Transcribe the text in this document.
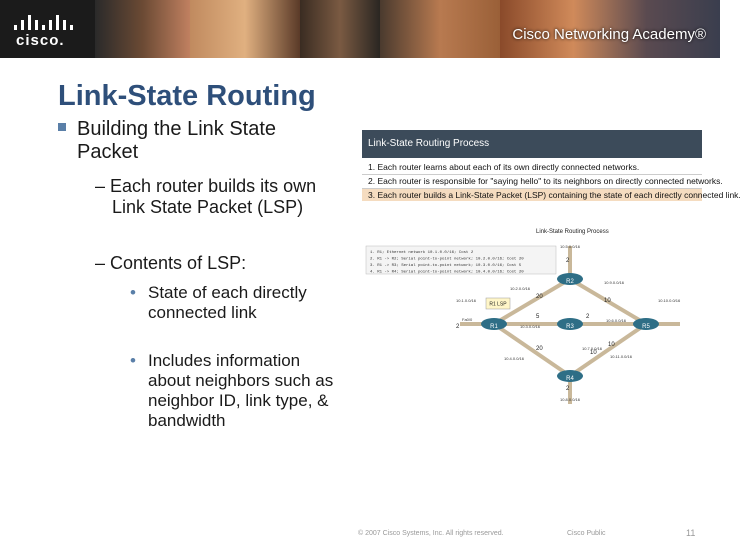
cisco.	Cisco Networking Academy®
Link-State Routing
Building the Link State Packet
– Each router builds its own Link State Packet (LSP)
– Contents of LSP:
• State of each directly connected link
• Includes information about neighbors such as neighbor ID, link type, & bandwidth
Link-State Routing Process
1. Each router learns about each of its own directly connected networks.
2. Each router is responsible for "saying hello" to its neighbors on directly connected networks.
3. Each router builds a Link-State Packet (LSP) containing the state of each directly connected link.
Link-State Routing Process
1. R1; Ethernet network 10.1.0.0/16; Cost 2
2. R1 -> R2; Serial point-to-point network; 10.2.0.0/16; Cost 20
3. R1 -> R3; Serial point-to-point network; 10.3.0.0/16; Cost 5
4. R1 -> R4; Serial point-to-point network; 10.4.0.0/16; Cost 20
R1
R2
R3
R4
R5
R1 LSP
10.5.0.0/16
10.2.0.0/16
10.9.0.0/16
10.1.0.0/16	10.10.0.0/16
10.3.0.0/16
10.6.0.0/16
10.4.0.0/16
10.7.0.0/16
10.11.0.0/16
10.8.0.0/16
Fa0/0
2
20
10
2
5	2
20
10
10
2
© 2007 Cisco Systems, Inc. All rights reserved.	Cisco Public	11
